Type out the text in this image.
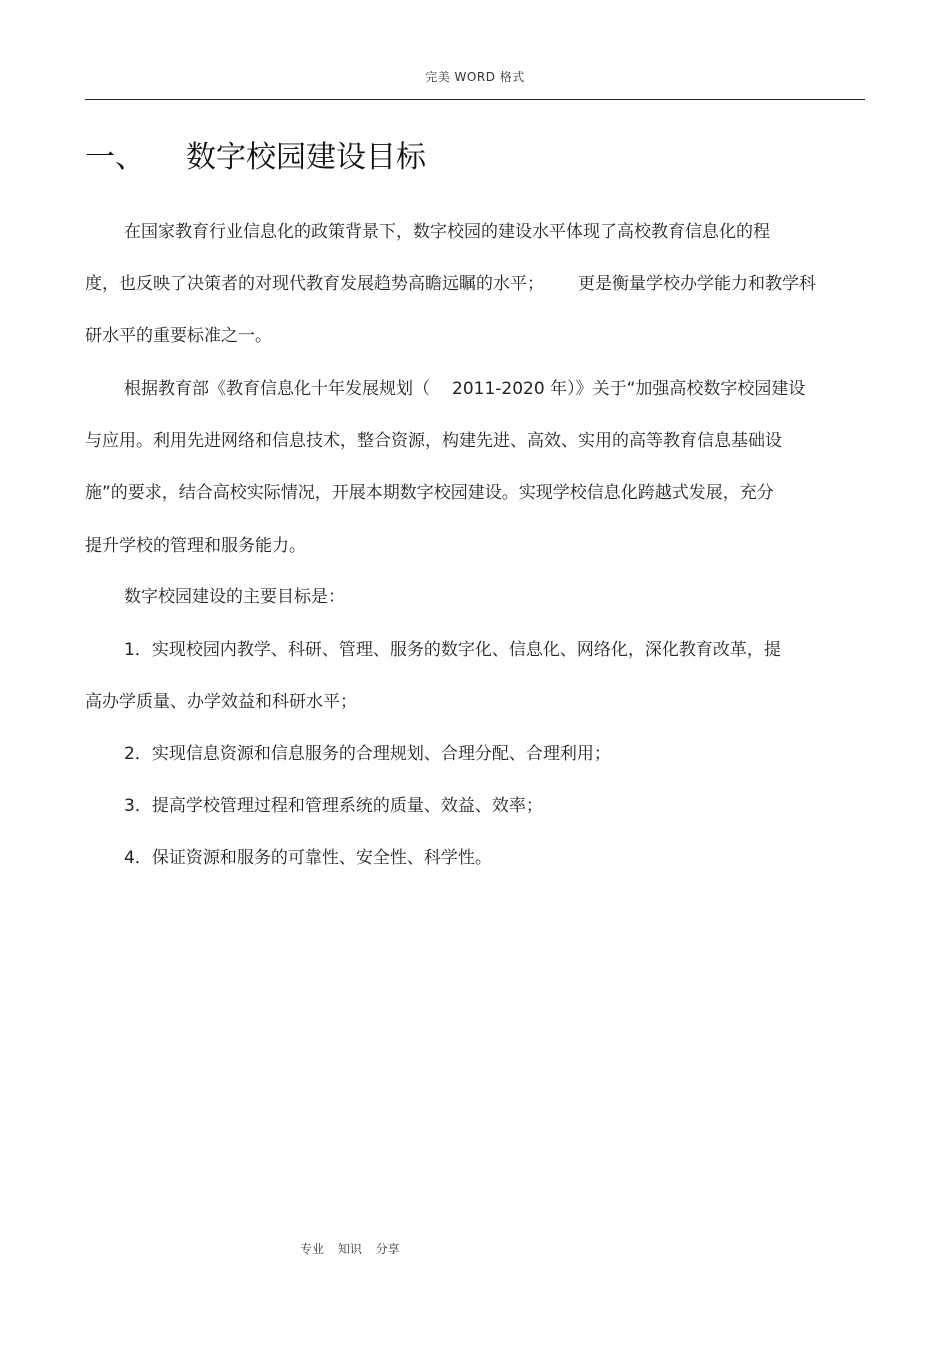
完美 WORD 格式
一、 数字校园建设目标
在国家教育行业信息化的政策背景下，数字校园的建设水平体现了高校教育信息化的程
度，也反映了决策者的对现代教育发展趋势高瞻远瞩的水平； 更是衡量学校办学能力和教学科
研水平的重要标准之一。
根据教育部《教育信息化十年发展规划（ 2011-2020 年）》关于“加强高校数字校园建设
与应用。利用先进网络和信息技术，整合资源，构建先进、高效、实用的高等教育信息基础设
施”的要求，结合高校实际情况，开展本期数字校园建设。实现学校信息化跨越式发展，充分
提升学校的管理和服务能力。
数字校园建设的主要目标是：
1．实现校园内教学、科研、管理、服务的数字化、信息化、网络化，深化教育改革，提
高办学质量、办学效益和科研水平；
2．实现信息资源和信息服务的合理规划、合理分配、合理利用；
3．提高学校管理过程和管理系统的质量、效益、效率；
4．保证资源和服务的可靠性、安全性、科学性。
专业 知识 分享
